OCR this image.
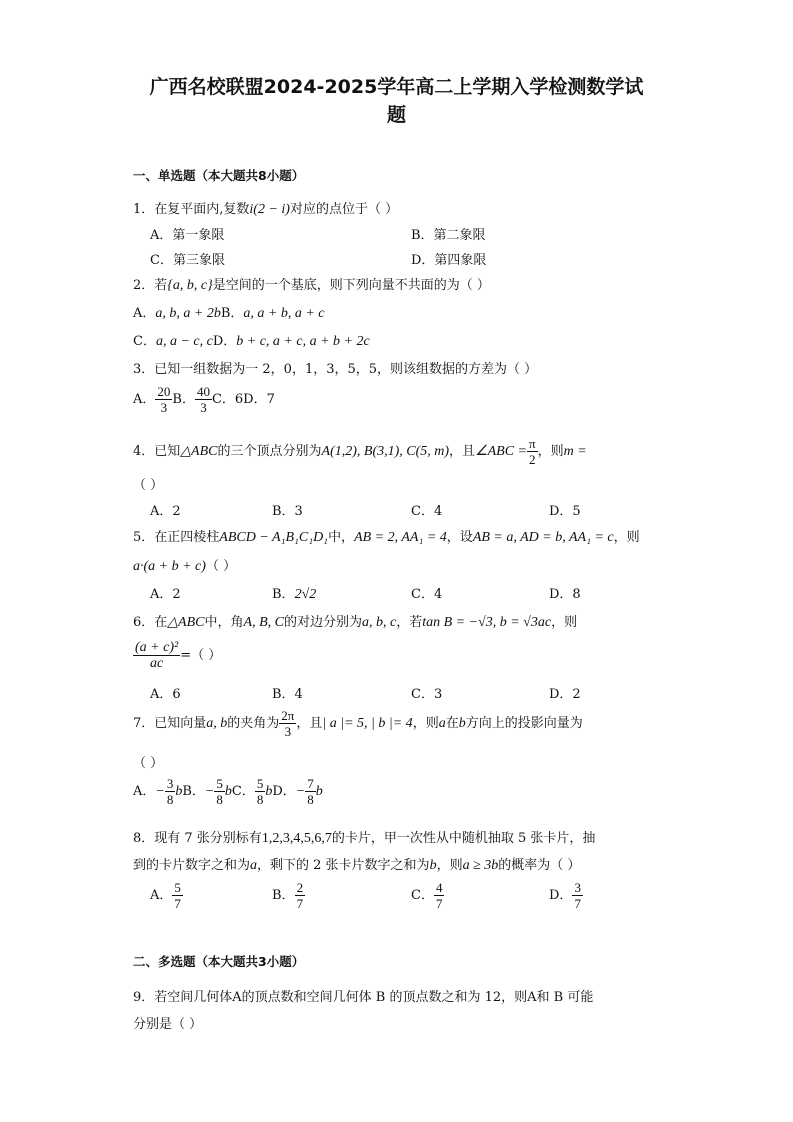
广西名校联盟2024-2025学年高二上学期入学检测数学试
题
一、单选题（本大题共8小题）
1．在复平面内,复数i(2 − i)对应的点位于（ ）
A．第一象限	B．第二象限
C．第三象限	D．第四象限
2．若{a, b, c}是空间的一个基底，则下列向量不共面的为（ ）
A．a, b, a + 2bB．a, a + b, a + c
C．a, a − c, cD．b + c, a + c, a + b + 2c
3．已知一组数据为一 2，0，1，3，5，5，则该组数据的方差为（ ）
A． $\frac{20}{3}$ B． $\frac{40}{3}$ C．6D．7
4．已知△ABC的三个顶点分别为A(1,2), B(3,1), C(5, m)，且∠ABC = $\frac{\pi}{2}$ ，则m =
（ ）
A．2	B．3	C．4	D．5
5．在正四棱柱ABCD − A₁B₁C₁D₁中，AB = 2, AA₁ = 4，设AB = a, AD = b, AA₁ = c，则
a·(a + b + c)（ ）
A．2	B．2√2	C．4	D．8
6．在△ABC中，角A, B, C的对边分别为a, b, c，若tan B = −√3, b = √3ac，则
$\frac{\text{(a + c)²}}{ac}$ =（ ）
A．6	B．4	C．3	D．2
7．已知向量a, b的夹角为 $\frac{2\pi}{3}$ ，且| a |= 5, | b |= 4，则a在b方向上的投影向量为
（ ）
A．− $\frac{3}{8}$ bB．− $\frac{5}{8}$ bC． $\frac{5}{8}$ bD．− $\frac{7}{8}$ b
8．现有 7 张分别标有1,2,3,4,5,6,7的卡片，甲一次性从中随机抽取 5 张卡片，抽
到的卡片数字之和为a，剩下的 2 张卡片数字之和为b，则a ≥ 3b的概率为（ ）
A． $\frac{5}{7}$	B． $\frac{2}{7}$	C． $\frac{4}{7}$	D． $\frac{3}{7}$
二、多选题（本大题共3小题）
9．若空间几何体A的顶点数和空间几何体 B 的顶点数之和为 12，则A和 B 可能
分别是（ ）
